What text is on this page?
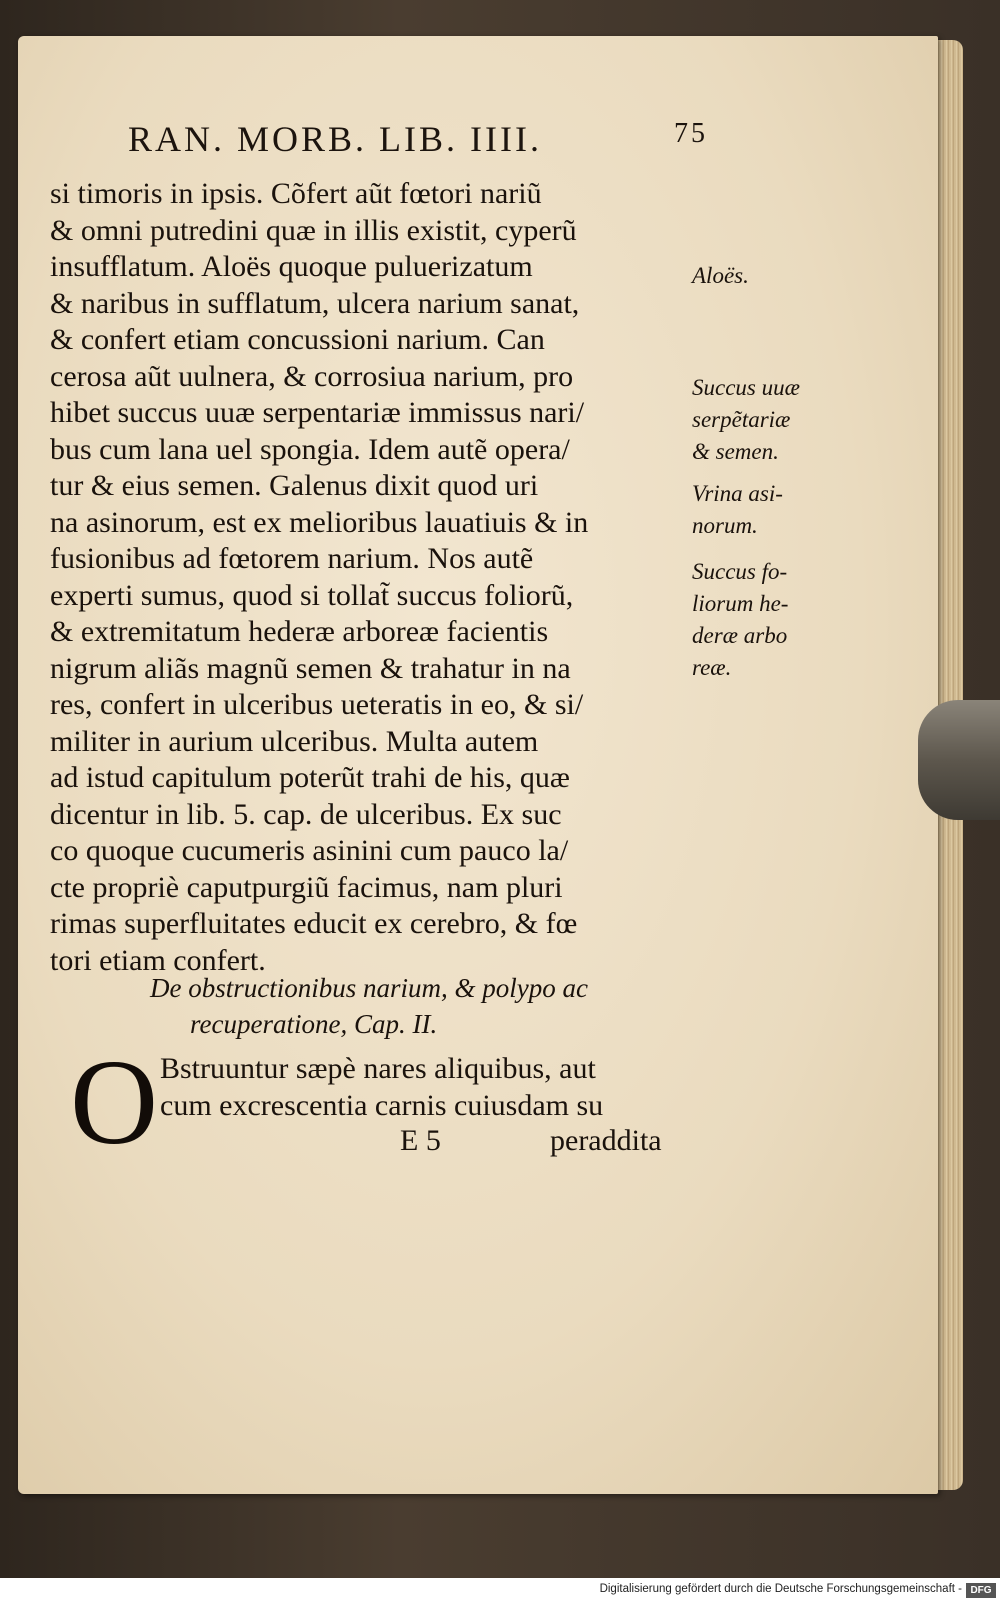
RAN. MORB. LIB. IIII.	75
si timoris in ipsis. Cõfert aũt fœtori nariũ
& omni putredini quæ in illis existit, cyperũ
insufflatum. Aloës quoque puluerizatum
& naribus in sufflatum, ulcera narium sanat,
& confert etiam concussioni narium. Can
cerosa aũt uulnera, & corrosiua narium, pro
hibet succus uuæ serpentariæ immissus nari/
bus cum lana uel spongia. Idem autẽ opera/
tur & eius semen. Galenus dixit quod uri
na asinorum, est ex melioribus lauatiuis & in
fusionibus ad fœtorem narium. Nos autẽ
experti sumus, quod si tollat̃ succus foliorũ,
& extremitatum hederæ arboreæ facientis
nigrum aliãs magnũ semen & trahatur in na
res, confert in ulceribus ueteratis in eo, & si/
militer in aurium ulceribus. Multa autem
ad istud capitulum poterũt trahi de his, quæ
dicentur in lib. 5. cap. de ulceribus. Ex suc
co quoque cucumeris asinini cum pauco la/
cte propriè caputpurgiũ facimus, nam pluri
rimas superfluitates educit ex cerebro, & fœ
tori etiam confert.
De obstructionibus narium, & polypo ac
recuperatione, Cap. II.
O Bstruuntur sæpè nares aliquibus, aut
cum excrescentia carnis cuiusdam su
E 5	peraddita
Aloës.
Succus uuæ
serpẽtariæ
& semen.
Vrina asi-
norum.
Succus fo-
liorum he-
deræ arbo
reæ.
Digitalisierung gefördert durch die Deutsche Forschungsgemeinschaft - DFG
